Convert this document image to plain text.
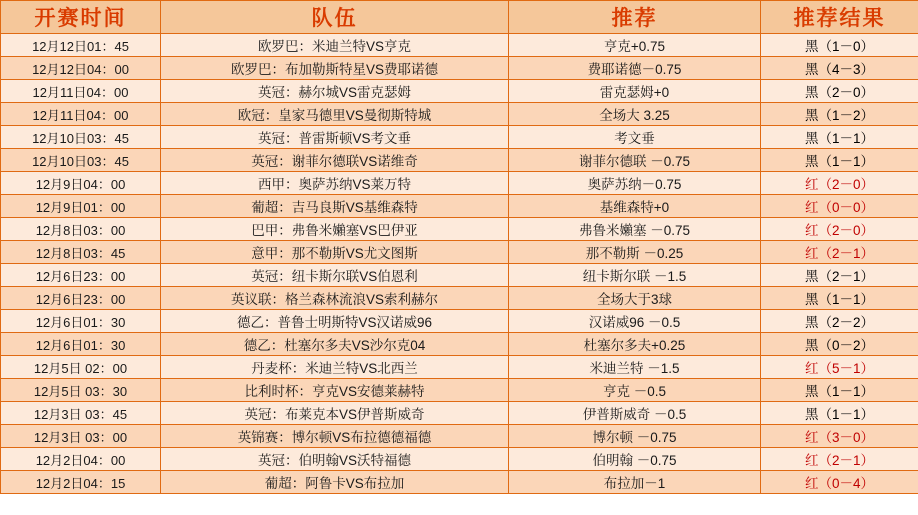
开赛时间	队伍	推荐	推荐结果
12月12日01：45	欧罗巴：米迪兰特VS亨克	亨克+0.75	黑（1－0）
12月12日04：00	欧罗巴：布加勒斯特星VS费耶诺德	费耶诺德－0.75	黑（4－3）
12月11日04：00	英冠：赫尔城VS雷克瑟姆	雷克瑟姆+0	黑（2－0）
12月11日04：00	欧冠：皇家马德里VS曼彻斯特城	全场大 3.25	黑（1－2）
12月10日03：45	英冠：普雷斯顿VS考文垂	考文垂	黑（1－1）
12月10日03：45	英冠：谢菲尔德联VS诺维奇	谢菲尔德联 －0.75	黑（1－1）
12月9日04：00	西甲：奥萨苏纳VS莱万特	奥萨苏纳－0.75	红（2－0）
12月9日01：00	葡超：吉马良斯VS基维森特	基维森特+0	红（0－0）
12月8日03：00	巴甲：弗鲁米嬾塞VS巴伊亚	弗鲁米嬾塞 －0.75	红（2－0）
12月8日03：45	意甲：那不勒斯VS尤文图斯	那不勒斯 －0.25	红（2－1）
12月6日23：00	英冠：纽卡斯尔联VS伯恩利	纽卡斯尔联 －1.5	黑（2－1）
12月6日23：00	英议联：格兰森林流浪VS索利赫尔	全场大于3球	黑（1－1）
12月6日01：30	德乙：普鲁士明斯特VS汉诺威96	汉诺威96 －0.5	黑（2－2）
12月6日01：30	德乙：杜塞尔多夫VS沙尔克04	杜塞尔多夫+0.25	黑（0－2）
12月5日 02：00	丹麦杯：米迪兰特VS北西兰	米迪兰特 －1.5	红（5－1）
12月5日 03：30	比利时杯：亨克VS安德莱赫特	亨克 －0.5	黑（1－1）
12月3日 03：45	英冠：布莱克本VS伊普斯威奇	伊普斯威奇 －0.5	黑（1－1）
12月3日 03：00	英锦赛：博尔顿VS布拉德德福德	博尔顿 －0.75	红（3－0）
12月2日04：00	英冠：伯明翰VS沃特福德	伯明翰 －0.75	红（2－1）
12月2日04：15	葡超：阿鲁卡VS布拉加	布拉加－1	红（0－4）
